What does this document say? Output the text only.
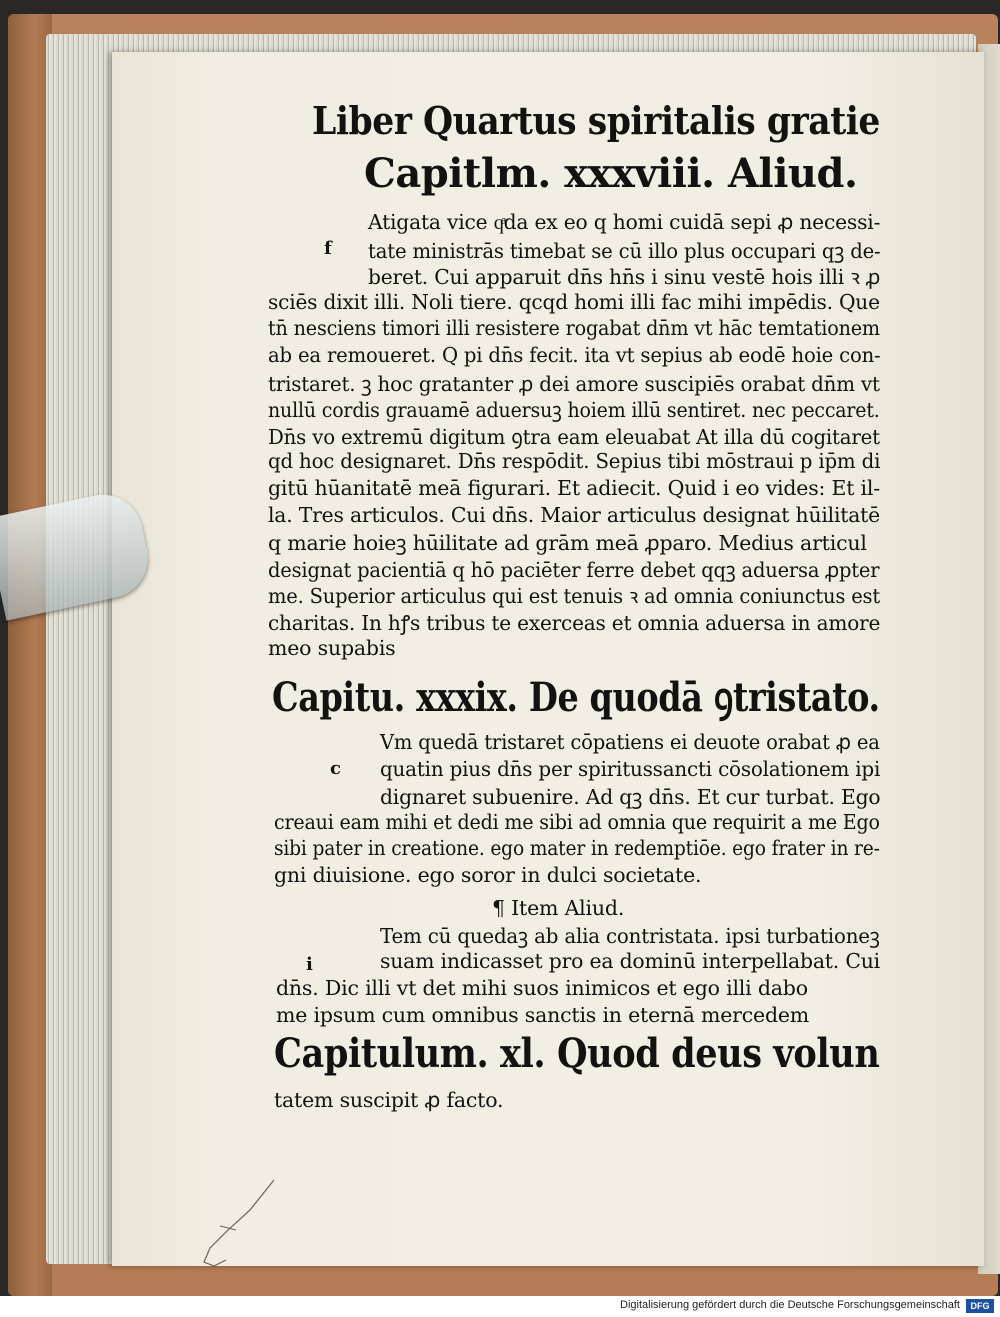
Liber Quartus spiritalis gratie
Capitlm. xxxviii. Aliud.
f
Atigata vice qͣda ex eo q homi cuidā sepi ꝓ necessi-
tate ministrās timebat se cū illo plus occupari qꝫ de-
beret. Cui apparuit dn̄s hn̄s i sinu vestē hois illi ꝛ ꝓ
sciēs dixit illi. Noli tiere. qcqd homi illi fac mihi impēdis. Que
tn̄ nesciens timori illi resistere rogabat dn̄m vt hāc temtationem
ab ea remoueret. Q pi dn̄s fecit. ita vt sepius ab eodē hoie con-
tristaret. ꝫ hoc gratanter ꝓ dei amore suscipiēs orabat dn̄m vt
nullū cordis grauamē aduersuꝫ hoiem illū sentiret. nec peccaret.
Dn̄s vo extremū digitum ꝯtra eam eleuabat At illa dū cogitaret
qd hoc designaret. Dn̄s respōdit. Sepius tibi mōstraui p ip̄m di
gitū hūanitatē meā figurari. Et adiecit. Quid i eo vides: Et il-
la. Tres articulos. Cui dn̄s. Maior articulus designat hūilitatē
q marie hoieꝫ hūilitate ad grām meā ꝓparo. Medius articul
designat pacientiā q hō paciēter ferre debet qqꝫ aduersa ꝓpter
me. Superior articulus qui est tenuis ꝛ ad omnia coniunctus est
charitas. In hꝭs tribus te exerceas et omnia aduersa in amore
meo supabis
Capitu. xxxix. De quodā ꝯtristato.
c
Vm quedā tristaret cōpatiens ei deuote orabat ꝓ ea
quatin pius dn̄s per spiritussancti cōsolationem ipi
dignaret subuenire. Ad qꝫ dn̄s. Et cur turbat. Ego
creaui eam mihi et dedi me sibi ad omnia que requirit a me Ego
sibi pater in creatione. ego mater in redemptiōe. ego frater in re-
gni diuisione. ego soror in dulci societate.
¶ Item Aliud.
i
Tem cū quedaꝫ ab alia contristata. ipsi turbationeꝫ
suam indicasset pro ea dominū interpellabat. Cui
dn̄s. Dic illi vt det mihi suos inimicos et ego illi dabo
me ipsum cum omnibus sanctis in eternā mercedem
Capitulum. xl. Quod deus volun
tatem suscipit ꝓ facto.
Digitalisierung gefördert durch die Deutsche Forschungsgemeinschaft	DFG
